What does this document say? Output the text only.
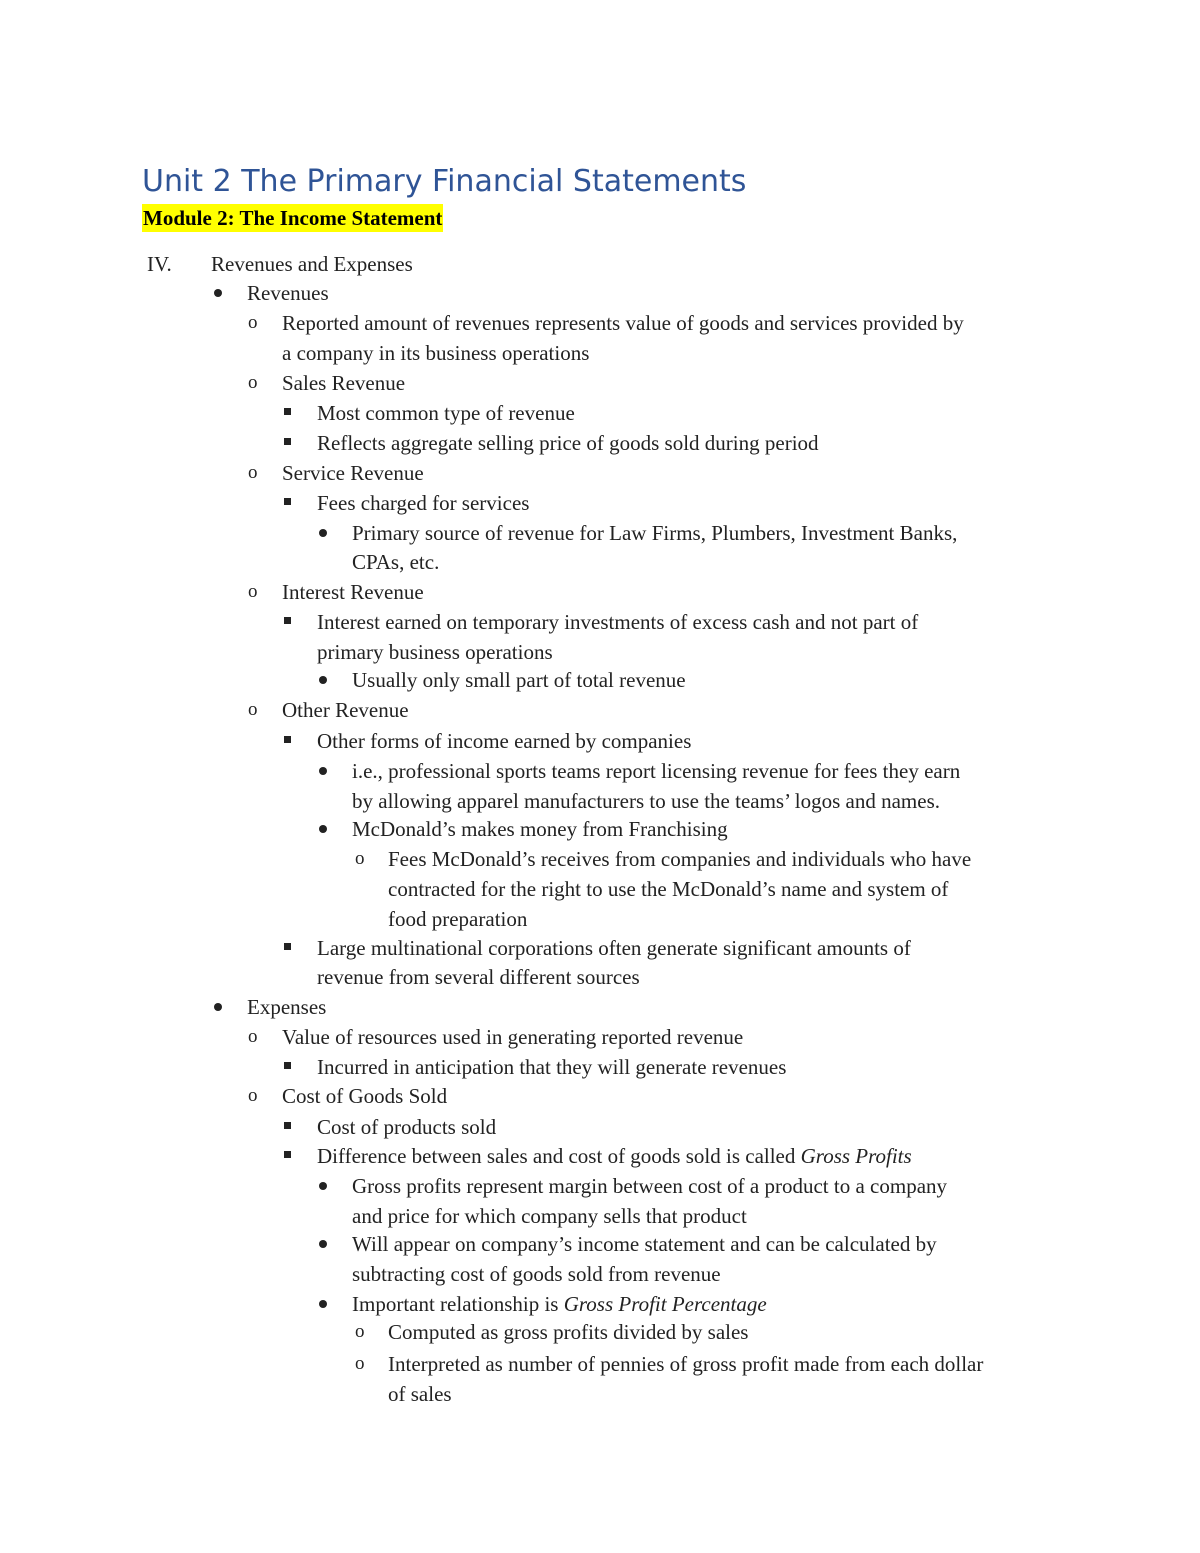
Unit 2 The Primary Financial Statements
Module 2: The Income Statement
IV. Revenues and Expenses
Revenues
o Reported amount of revenues represents value of goods and services provided by
a company in its business operations
o Sales Revenue
Most common type of revenue
Reflects aggregate selling price of goods sold during period
o Service Revenue
Fees charged for services
Primary source of revenue for Law Firms, Plumbers, Investment Banks,
CPAs, etc.
o Interest Revenue
Interest earned on temporary investments of excess cash and not part of
primary business operations
Usually only small part of total revenue
o Other Revenue
Other forms of income earned by companies
i.e., professional sports teams report licensing revenue for fees they earn
by allowing apparel manufacturers to use the teams’ logos and names.
McDonald’s makes money from Franchising
o Fees McDonald’s receives from companies and individuals who have
contracted for the right to use the McDonald’s name and system of
food preparation
Large multinational corporations often generate significant amounts of
revenue from several different sources
Expenses
o Value of resources used in generating reported revenue
Incurred in anticipation that they will generate revenues
o Cost of Goods Sold
Cost of products sold
Difference between sales and cost of goods sold is called Gross Profits
Gross profits represent margin between cost of a product to a company
and price for which company sells that product
Will appear on company’s income statement and can be calculated by
subtracting cost of goods sold from revenue
Important relationship is Gross Profit Percentage
o Computed as gross profits divided by sales
o Interpreted as number of pennies of gross profit made from each dollar
of sales
